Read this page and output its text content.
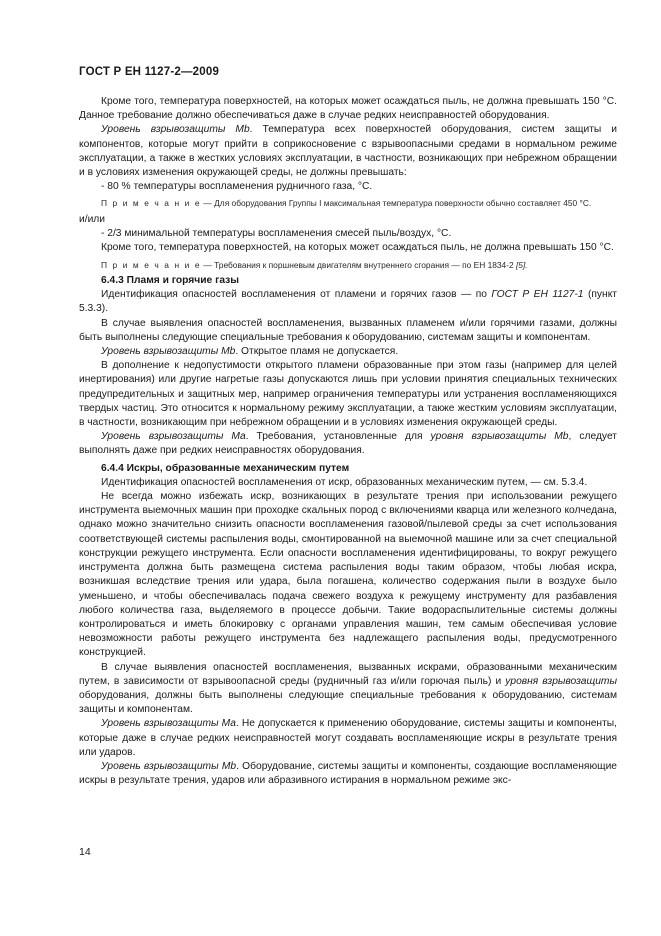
ГОСТ Р ЕН 1127-2—2009

Кроме того, температура поверхностей, на которых может осаждаться пыль, не должна превышать 150 °С. Данное требование должно обеспечиваться даже в случае редких неисправностей оборудования.

Уровень взрывозащиты Mb. Температура всех поверхностей оборудования, систем защиты и компонентов, которые могут прийти в соприкосновение с взрывоопасными средами в нормальном режиме эксплуатации, а также в жестких условиях эксплуатации, в частности, возникающих при небрежном обращении и в условиях изменения окружающей среды, не должны превышать:

- 80 % температуры воспламенения рудничного газа, °С.

П р и м е ч а н и е — Для оборудования Группы I максимальная температура поверхности обычно составляет 450 °С.

и/или

- 2/3 минимальной температуры воспламенения смесей пыль/воздух, °С.

Кроме того, температура поверхностей, на которых может осаждаться пыль, не должна превышать 150 °С.

П р и м е ч а н и е — Требования к поршневым двигателям внутреннего сгорания — по ЕН 1834-2 [5].

6.4.3 Пламя и горячие газы

Идентификация опасностей воспламенения от пламени и горячих газов — по ГОСТ Р ЕН 1127-1 (пункт 5.3.3).

В случае выявления опасностей воспламенения, вызванных пламенем и/или горячими газами, должны быть выполнены следующие специальные требования к оборудованию, системам защиты и компонентам.

Уровень взрывозащиты Mb. Открытое пламя не допускается.

В дополнение к недопустимости открытого пламени образованные при этом газы (например для целей инертирования) или другие нагретые газы допускаются лишь при условии принятия специальных технических предупредительных и защитных мер, например ограничения температуры или устранения воспламеняющихся твердых частиц. Это относится к нормальному режиму эксплуатации, а также жестким условиям эксплуатации, в частности, возникающим при небрежном обращении и в условиях изменения окружающей среды.

Уровень взрывозащиты Ma. Требования, установленные для уровня взрывозащиты Mb, следует выполнять даже при редких неисправностях оборудования.

6.4.4 Искры, образованные механическим путем

Идентификация опасностей воспламенения от искр, образованных механическим путем, — см. 5.3.4.

Не всегда можно избежать искр, возникающих в результате трения при использовании режущего инструмента выемочных машин при проходке скальных пород с включениями кварца или железного колчедана, однако можно значительно снизить опасности воспламенения газовой/пылевой среды за счет использования соответствующей системы распыления воды, смонтированной на выемочной машине или за счет специальной конструкции режущего инструмента. Если опасности воспламенения идентифицированы, то вокруг режущего инструмента должна быть размещена система распыления воды таким образом, чтобы любая искра, возникшая вследствие трения или удара, была погашена, количество содержания пыли в воздухе было уменьшено, и чтобы обеспечивалась подача свежего воздуха к режущему инструменту для разбавления любого количества газа, выделяемого в процессе добычи. Такие водораспылительные системы должны контролироваться и иметь блокировку с органами управления машин, тем самым обеспечивая условие невозможности работы режущего инструмента без надлежащего распыления воды, предусмотренного конструкцией.

В случае выявления опасностей воспламенения, вызванных искрами, образованными механическим путем, в зависимости от взрывоопасной среды (рудничный газ и/или горючая пыль) и уровня взрывозащиты оборудования, должны быть выполнены следующие специальные требования к оборудованию, системам защиты и компонентам.

Уровень взрывозащиты Ma. Не допускается к применению оборудование, системы защиты и компоненты, которые даже в случае редких неисправностей могут создавать воспламеняющие искры в результате трения или ударов.

Уровень взрывозащиты Mb. Оборудование, системы защиты и компоненты, создающие воспламеняющие искры в результате трения, ударов или абразивного истирания в нормальном режиме экс-

14
